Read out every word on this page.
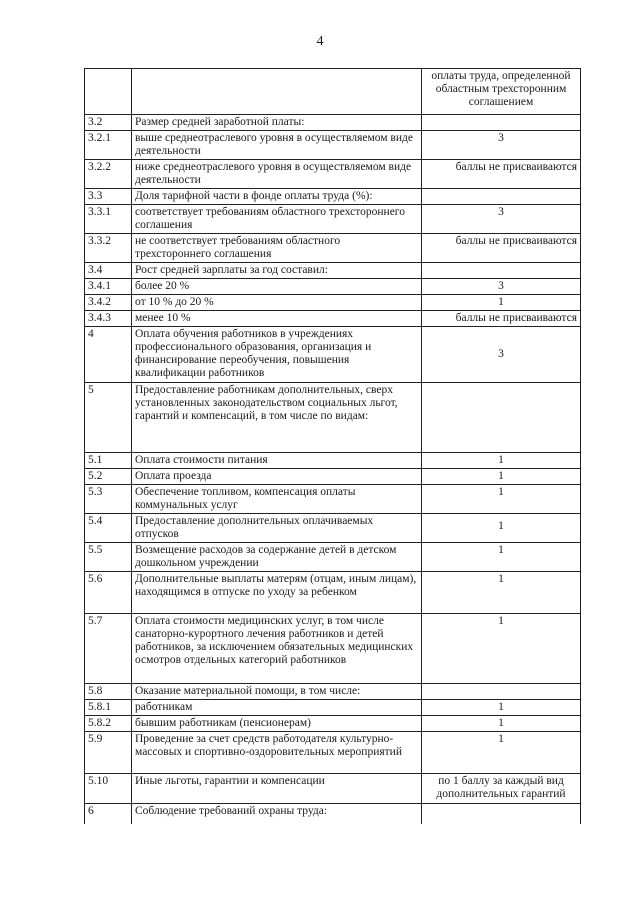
4
		оплаты труда, определенной областным трехсторонним соглашением
3.2	Размер средней заработной платы:	
3.2.1	выше среднеотраслевого уровня в осуществляемом виде деятельности	3
3.2.2	ниже среднеотраслевого уровня в осуществляемом виде деятельности	баллы не присваиваются
3.3	Доля тарифной части в фонде оплаты труда (%):	
3.3.1	соответствует требованиям областного трехстороннего соглашения	3
3.3.2	не соответствует требованиям областного трехстороннего соглашения	баллы не присваиваются
3.4	Рост средней зарплаты за год составил:	
3.4.1	более 20 %	3
3.4.2	от 10 % до 20 %	1
3.4.3	менее 10 %	баллы не присваиваются
4	Оплата обучения работников в учреждениях профессионального образования, организация и финансирование переобучения, повышения квалификации работников	3
5	Предоставление работникам дополнительных, сверх установленных законодательством социальных льгот, гарантий и компенсаций, в том числе по видам:	
5.1	Оплата стоимости питания	1
5.2	Оплата проезда	1
5.3	Обеспечение топливом, компенсация оплаты коммунальных услуг	1
5.4	Предоставление дополнительных оплачиваемых отпусков	1
5.5	Возмещение расходов за содержание детей в детском дошкольном учреждении	1
5.6	Дополнительные выплаты матерям (отцам, иным лицам), находящимся в отпуске по уходу за ребенком	1
5.7	Оплата стоимости медицинских услуг, в том числе санаторно-курортного лечения работников и детей работников, за исключением обязательных медицинских осмотров отдельных категорий работников	1
5.8	Оказание материальной помощи, в том числе:	
5.8.1	работникам	1
5.8.2	бывшим работникам (пенсионерам)	1
5.9	Проведение за счет средств работодателя культурно-массовых и спортивно-оздоровительных мероприятий	1
5.10	Иные льготы, гарантии и компенсации	по 1 баллу за каждый вид дополнительных гарантий
6	Соблюдение требований охраны труда:	
